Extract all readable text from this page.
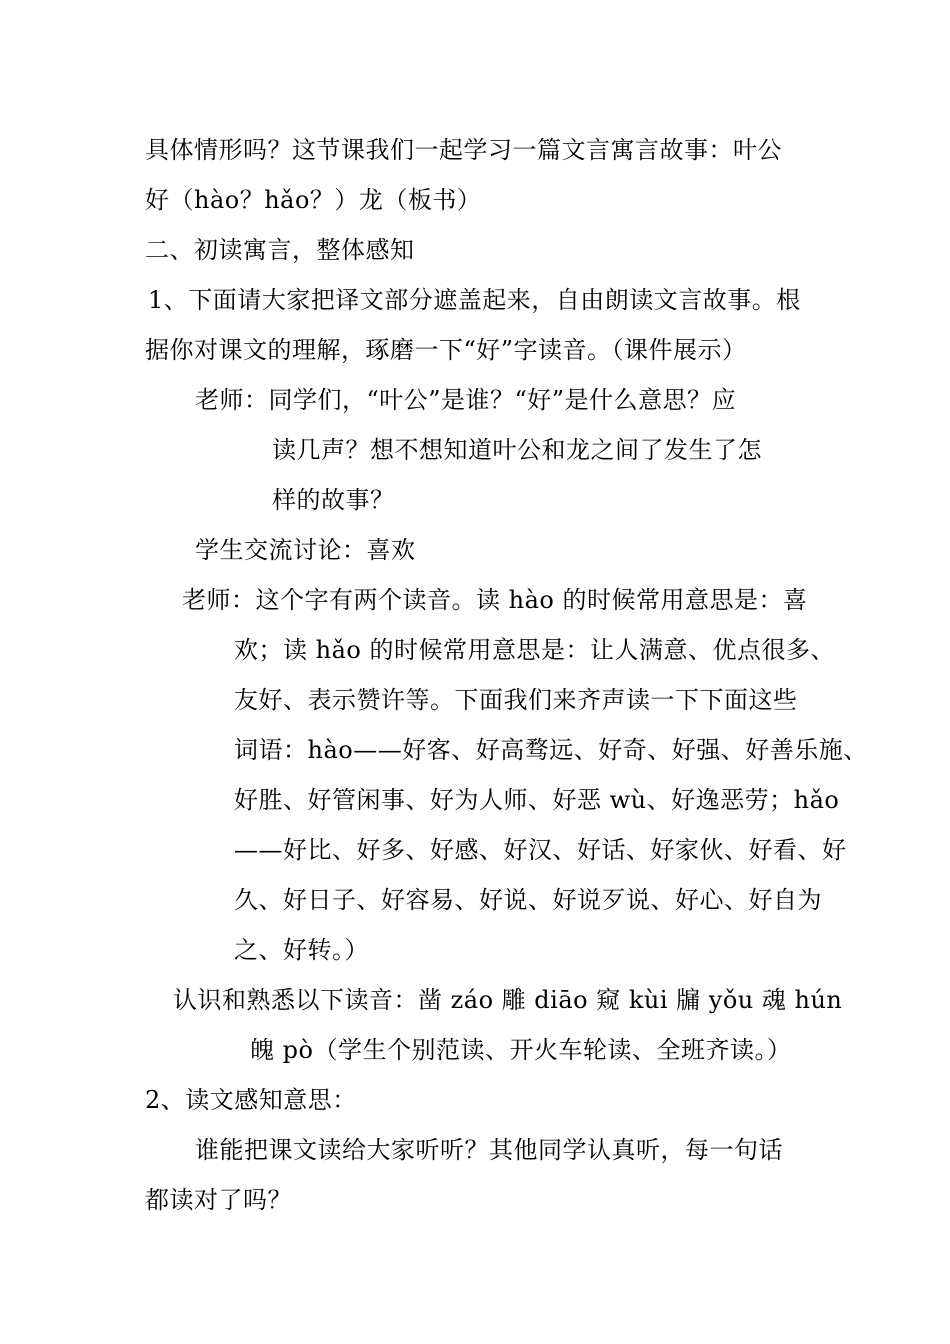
具体情形吗？这节课我们一起学习一篇文言寓言故事：叶公
好（hào？hǎo？）龙（板书）
二、初读寓言，整体感知
1、下面请大家把译文部分遮盖起来，自由朗读文言故事。根
据你对课文的理解，琢磨一下“好”字读音。（课件展示）
老师：同学们，“叶公”是谁？“好”是什么意思？应
读几声？想不想知道叶公和龙之间了发生了怎
样的故事？
学生交流讨论：喜欢
老师：这个字有两个读音。读 hào 的时候常用意思是：喜
欢；读 hǎo 的时候常用意思是：让人满意、优点很多、
友好、表示赞许等。下面我们来齐声读一下下面这些
词语：hào——好客、好高骛远、好奇、好强、好善乐施、
好胜、好管闲事、好为人师、好恶 wù、好逸恶劳；hǎo
——好比、好多、好感、好汉、好话、好家伙、好看、好
久、好日子、好容易、好说、好说歹说、好心、好自为
之、好转。）
认识和熟悉以下读音：凿 záo 雕 diāo 窥 kùi 牖 yǒu 魂 hún
魄 pò（学生个别范读、开火车轮读、全班齐读。）
2、读文感知意思：
谁能把课文读给大家听听？其他同学认真听，每一句话
都读对了吗？
